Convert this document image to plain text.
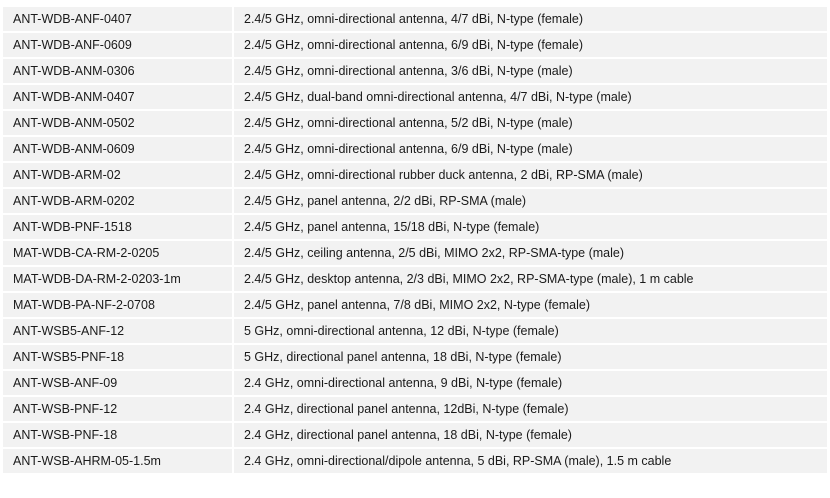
ANT-WDB-ANF-0407	2.4/5 GHz, omni-directional antenna, 4/7 dBi, N-type (female)
ANT-WDB-ANF-0609	2.4/5 GHz, omni-directional antenna, 6/9 dBi, N-type (female)
ANT-WDB-ANM-0306	2.4/5 GHz, omni-directional antenna, 3/6 dBi, N-type (male)
ANT-WDB-ANM-0407	2.4/5 GHz, dual-band omni-directional antenna, 4/7 dBi, N-type (male)
ANT-WDB-ANM-0502	2.4/5 GHz, omni-directional antenna, 5/2 dBi, N-type (male)
ANT-WDB-ANM-0609	2.4/5 GHz, omni-directional antenna, 6/9 dBi, N-type (male)
ANT-WDB-ARM-02	2.4/5 GHz, omni-directional rubber duck antenna, 2 dBi, RP-SMA (male)
ANT-WDB-ARM-0202	2.4/5 GHz, panel antenna, 2/2 dBi, RP-SMA (male)
ANT-WDB-PNF-1518	2.4/5 GHz, panel antenna, 15/18 dBi, N-type (female)
MAT-WDB-CA-RM-2-0205	2.4/5 GHz, ceiling antenna, 2/5 dBi, MIMO 2x2, RP-SMA-type (male)
MAT-WDB-DA-RM-2-0203-1m	2.4/5 GHz, desktop antenna, 2/3 dBi, MIMO 2x2, RP-SMA-type (male), 1 m cable
MAT-WDB-PA-NF-2-0708	2.4/5 GHz, panel antenna, 7/8 dBi, MIMO 2x2, N-type (female)
ANT-WSB5-ANF-12	5 GHz, omni-directional antenna, 12 dBi, N-type (female)
ANT-WSB5-PNF-18	5 GHz, directional panel antenna, 18 dBi, N-type (female)
ANT-WSB-ANF-09	2.4 GHz, omni-directional antenna, 9 dBi, N-type (female)
ANT-WSB-PNF-12	2.4 GHz, directional panel antenna, 12dBi, N-type (female)
ANT-WSB-PNF-18	2.4 GHz, directional panel antenna, 18 dBi, N-type (female)
ANT-WSB-AHRM-05-1.5m	2.4 GHz, omni-directional/dipole antenna, 5 dBi, RP-SMA (male), 1.5 m cable
